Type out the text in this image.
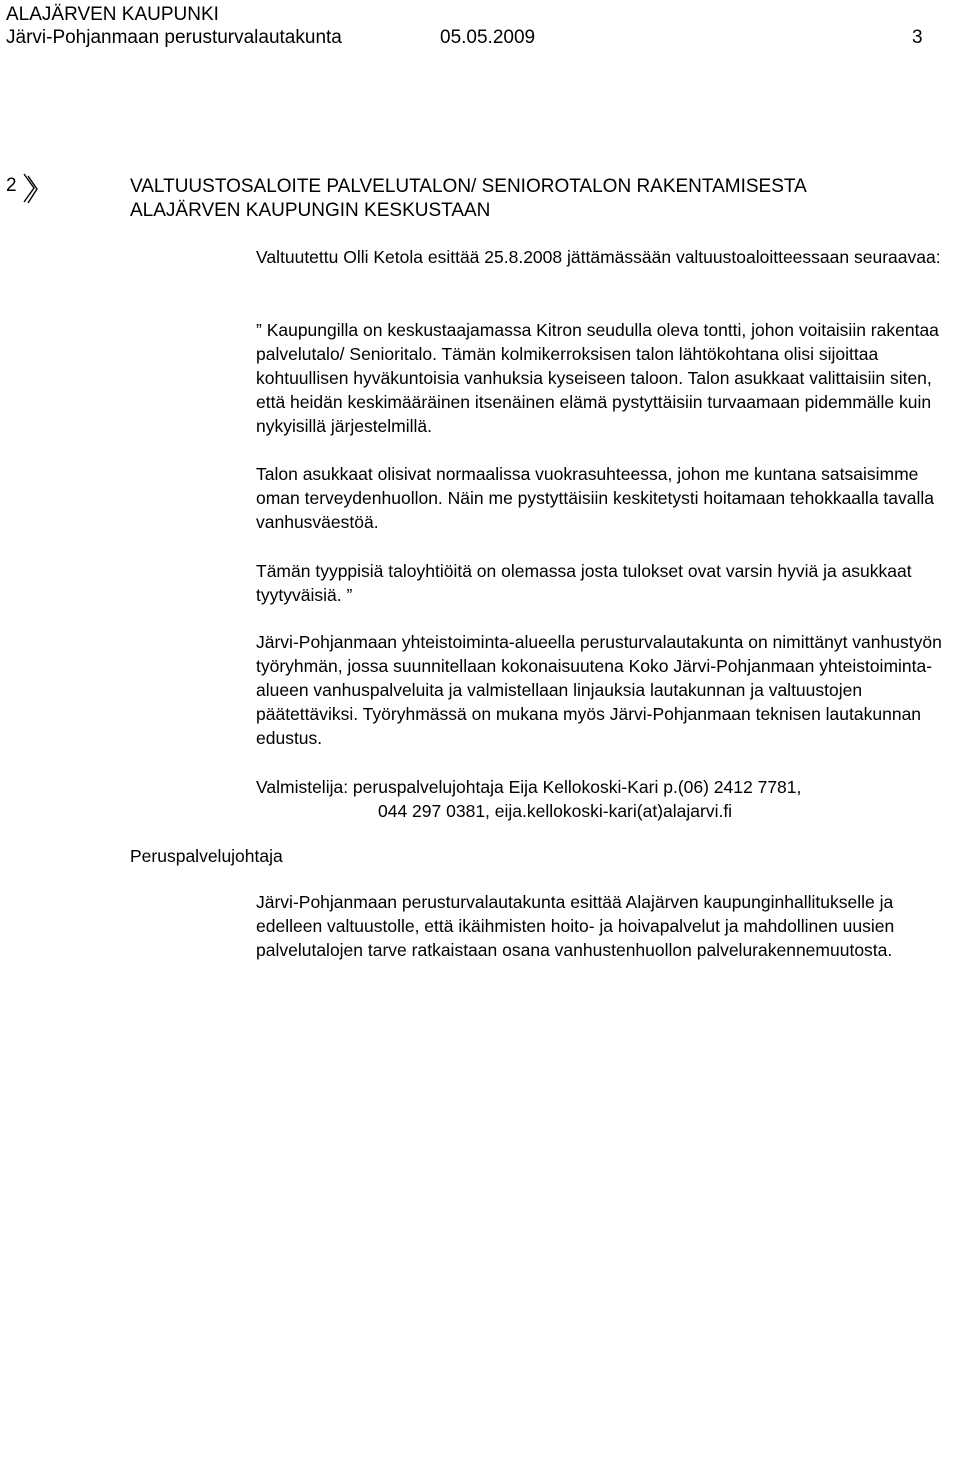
ALAJÄRVEN KAUPUNKI
Järvi-Pohjanmaan perusturvalautakunta	05.05.2009	3
2	VALTUUSTOSALOITE PALVELUTALON/ SENIOROTALON RAKENTAMISESTA
ALAJÄRVEN KAUPUNGIN KESKUSTAAN

Valtuutettu Olli Ketola esittää 25.8.2008 jättämässään valtuustoaloitteessaan seuraavaa:

” Kaupungilla on keskustaajamassa Kitron seudulla oleva tontti, johon voitaisiin rakentaa palvelutalo/ Senioritalo. Tämän kolmikerroksisen talon lähtökohtana olisi sijoittaa kohtuullisen hyväkuntoisia vanhuksia kyseiseen taloon. Talon asukkaat valittaisiin siten, että heidän keskimääräinen itsenäinen elämä pystyttäisiin turvaamaan pidemmälle kuin nykyisillä järjestelmillä.

Talon asukkaat olisivat normaalissa vuokrasuhteessa, johon me kuntana satsaisimme oman terveydenhuollon. Näin me pystyttäisiin keskitetysti hoitamaan tehokkaalla tavalla vanhusväestöä.

Tämän tyyppisiä taloyhtiöitä on olemassa josta tulokset ovat varsin hyviä ja asukkaat tyytyväisiä. ”

Järvi-Pohjanmaan yhteistoiminta-alueella perusturvalautakunta on nimittänyt vanhustyön työryhmän, jossa suunnitellaan kokonaisuutena Koko Järvi-Pohjanmaan yhteistoiminta-alueen vanhuspalveluita ja valmistellaan linjauksia lautakunnan ja valtuustojen päätettäviksi. Työryhmässä on mukana myös Järvi-Pohjanmaan teknisen lautakunnan edustus.

Valmistelija: peruspalvelujohtaja Eija Kellokoski-Kari p.(06) 2412 7781,

044 297 0381, eija.kellokoski-kari(at)alajarvi.fi

Peruspalvelujohtaja

Järvi-Pohjanmaan perusturvalautakunta esittää Alajärven kaupunginhallitukselle ja edelleen valtuustolle, että ikäihmisten hoito- ja hoivapalvelut ja mahdollinen uusien palvelutalojen tarve ratkaistaan osana vanhustenhuollon palvelurakennemuutosta.
